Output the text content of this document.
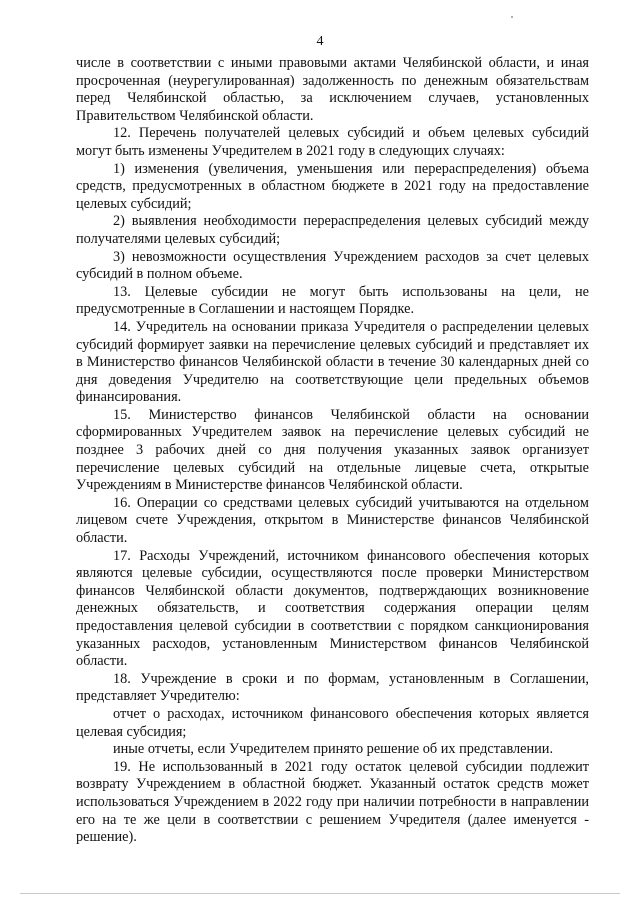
4

числе в соответствии с иными правовыми актами Челябинской области, и иная просроченная (неурегулированная) задолженность по денежным обязательствам перед Челябинской областью, за исключением случаев, установленных Правительством Челябинской области.

12. Перечень получателей целевых субсидий и объем целевых субсидий могут быть изменены Учредителем в 2021 году в следующих случаях:

1) изменения (увеличения, уменьшения или перераспределения) объема средств, предусмотренных в областном бюджете в 2021 году на предоставление целевых субсидий;

2) выявления необходимости перераспределения целевых субсидий между получателями целевых субсидий;

3) невозможности осуществления Учреждением расходов за счет целевых субсидий в полном объеме.

13. Целевые субсидии не могут быть использованы на цели, не предусмотренные в Соглашении и настоящем Порядке.

14. Учредитель на основании приказа Учредителя о распределении целевых субсидий формирует заявки на перечисление целевых субсидий и представляет их в Министерство финансов Челябинской области в течение 30 календарных дней со дня доведения Учредителю на соответствующие цели предельных объемов финансирования.

15. Министерство финансов Челябинской области на основании сформированных Учредителем заявок на перечисление целевых субсидий не позднее 3 рабочих дней со дня получения указанных заявок организует перечисление целевых субсидий на отдельные лицевые счета, открытые Учреждениям в Министерстве финансов Челябинской области.

16. Операции со средствами целевых субсидий учитываются на отдельном лицевом счете Учреждения, открытом в Министерстве финансов Челябинской области.

17. Расходы Учреждений, источником финансового обеспечения которых являются целевые субсидии, осуществляются после проверки Министерством финансов Челябинской области документов, подтверждающих возникновение денежных обязательств, и соответствия содержания операции целям предоставления целевой субсидии в соответствии с порядком санкционирования указанных расходов, установленным Министерством финансов Челябинской области.

18. Учреждение в сроки и по формам, установленным в Соглашении, представляет Учредителю:

отчет о расходах, источником финансового обеспечения которых является целевая субсидия;

иные отчеты, если Учредителем принято решение об их представлении.

19. Не использованный в 2021 году остаток целевой субсидии подлежит возврату Учреждением в областной бюджет. Указанный остаток средств может использоваться Учреждением в 2022 году при наличии потребности в направлении его на те же цели в соответствии с решением Учредителя (далее именуется - решение).
